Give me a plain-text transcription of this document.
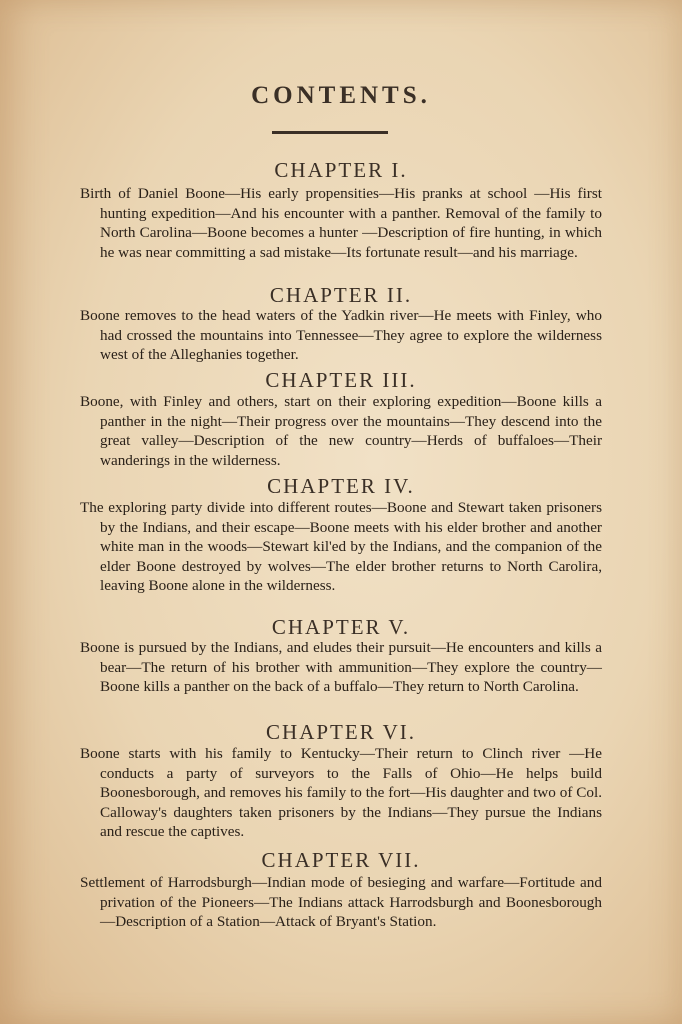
CONTENTS.
CHAPTER I.
Birth of Daniel Boone—His early propensities—His pranks at school —His first hunting expedition—And his encounter with a panther. Removal of the family to North Carolina—Boone becomes a hunter —Description of fire hunting, in which he was near committing a sad mistake—Its fortunate result—and his marriage.
CHAPTER II.
Boone removes to the head waters of the Yadkin river—He meets with Finley, who had crossed the mountains into Tennessee—They agree to explore the wilderness west of the Alleghanies together.
CHAPTER III.
Boone, with Finley and others, start on their exploring expedition—Boone kills a panther in the night—Their progress over the mountains—They descend into the great valley—Description of the new country—Herds of buffaloes—Their wanderings in the wilderness.
CHAPTER IV.
The exploring party divide into different routes—Boone and Stewart taken prisoners by the Indians, and their escape—Boone meets with his elder brother and another white man in the woods—Stewart kil'ed by the Indians, and the companion of the elder Boone destroyed by wolves—The elder brother returns to North Carolira, leaving Boone alone in the wilderness.
CHAPTER V.
Boone is pursued by the Indians, and eludes their pursuit—He encounters and kills a bear—The return of his brother with ammunition—They explore the country—Boone kills a panther on the back of a buffalo—They return to North Carolina.
CHAPTER VI.
Boone starts with his family to Kentucky—Their return to Clinch river —He conducts a party of surveyors to the Falls of Ohio—He helps build Boonesborough, and removes his family to the fort—His daughter and two of Col. Calloway's daughters taken prisoners by the Indians—They pursue the Indians and rescue the captives.
CHAPTER VII.
Settlement of Harrodsburgh—Indian mode of besieging and warfare—Fortitude and privation of the Pioneers—The Indians attack Harrodsburgh and Boonesborough—Description of a Station—Attack of Bryant's Station.
